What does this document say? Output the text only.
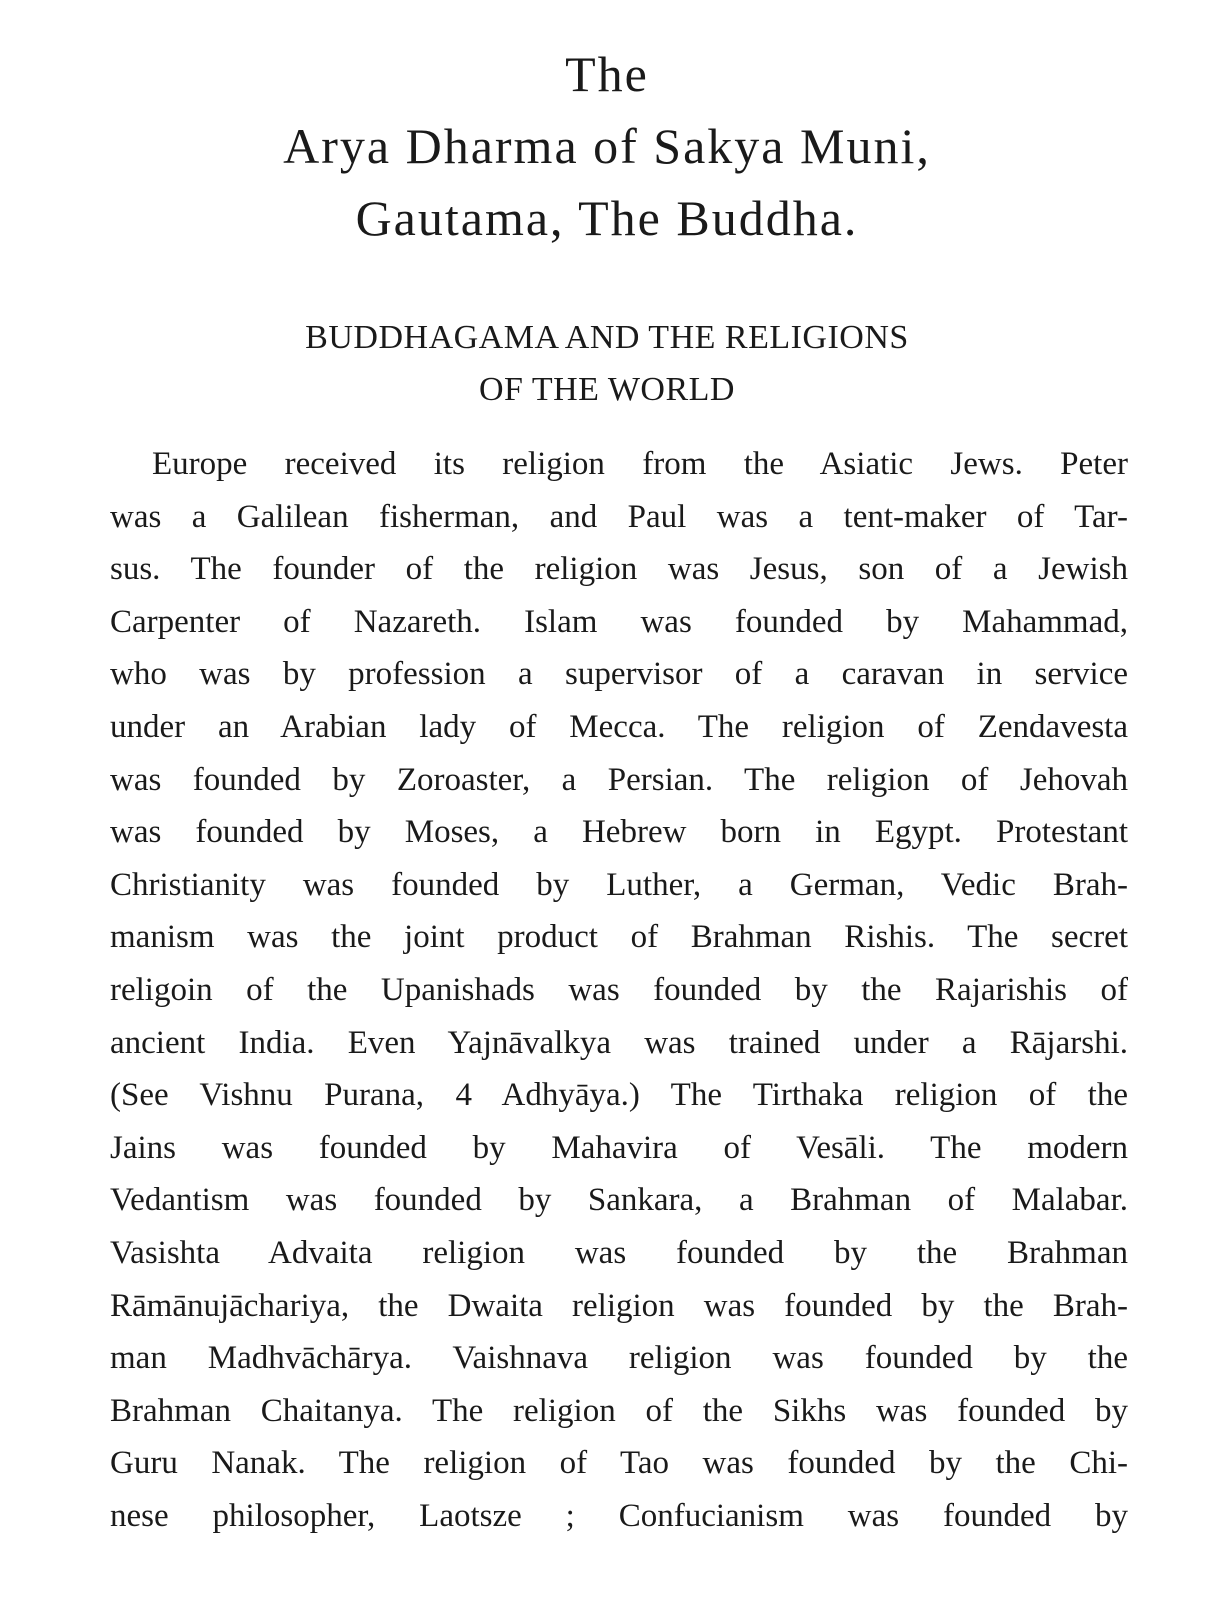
The
Arya Dharma of Sakya Muni,
Gautama, The Buddha.
BUDDHAGAMA AND THE RELIGIONS
OF THE WORLD
Europe received its religion from the Asiatic Jews. Peter
was a Galilean fisherman, and Paul was a tent-maker of Tar-
sus. The founder of the religion was Jesus, son of a Jewish
Carpenter of Nazareth. Islam was founded by Mahammad,
who was by profession a supervisor of a caravan in service
under an Arabian lady of Mecca. The religion of Zendavesta
was founded by Zoroaster, a Persian. The religion of Jehovah
was founded by Moses, a Hebrew born in Egypt. Protestant
Christianity was founded by Luther, a German, Vedic Brah-
manism was the joint product of Brahman Rishis. The secret
religoin of the Upanishads was founded by the Rajarishis of
ancient India. Even Yajnāvalkya was trained under a Rājarshi.
(See Vishnu Purana, 4 Adhyāya.) The Tirthaka religion of the
Jains was founded by Mahavira of Vesāli. The modern
Vedantism was founded by Sankara, a Brahman of Malabar.
Vasishta Advaita religion was founded by the Brahman
Rāmānujāchariya, the Dwaita religion was founded by the Brah-
man Madhvāchārya. Vaishnava religion was founded by the
Brahman Chaitanya. The religion of the Sikhs was founded by
Guru Nanak. The religion of Tao was founded by the Chi-
nese philosopher, Laotsze ; Confucianism was founded by
